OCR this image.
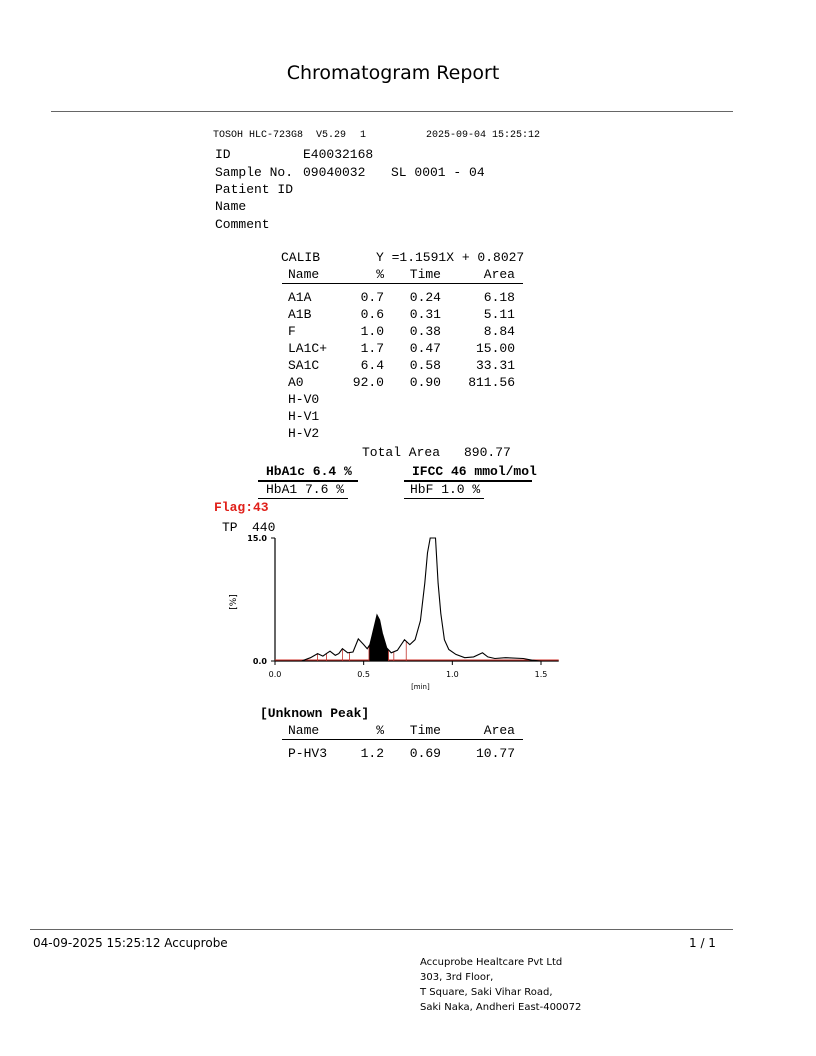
Chromatogram Report
TOSOH HLC-723G8 V5.29 1	2025-09-04 15:25:12
ID	E40032168
Sample No. 09040032 SL 0001 - 04
Patient ID
Name
Comment
CALIB	Y =1.1591X + 0.8027
Name	%	Time	Area	

A1A	0.7	0.24	6.18	
A1B	0.6	0.31	5.11	
F	1.0	0.38	8.84	
LA1C+	1.7	0.47	15.00	
SA1C	6.4	0.58	33.31	
A0	92.0	0.90	811.56	
H-V0				
H-V1				
H-V2				
Total Area 890.77
HbA1c 6.4 %	IFCC 46 mmol/mol
HbA1 7.6 %	HbF 1.0 %
Flag:43
TP 440
0.0
15.0
0.0	0.5	1.0	1.5
[min]
[%]
[Unknown Peak]
Name	%	Time	Area	

P-HV3	1.2	0.69	10.77	
04-09-2025 15:25:12 Accuprobe	1 / 1
Accuprobe Healtcare Pvt Ltd
303, 3rd Floor,
T Square, Saki Vihar Road,
Saki Naka, Andheri East-400072
